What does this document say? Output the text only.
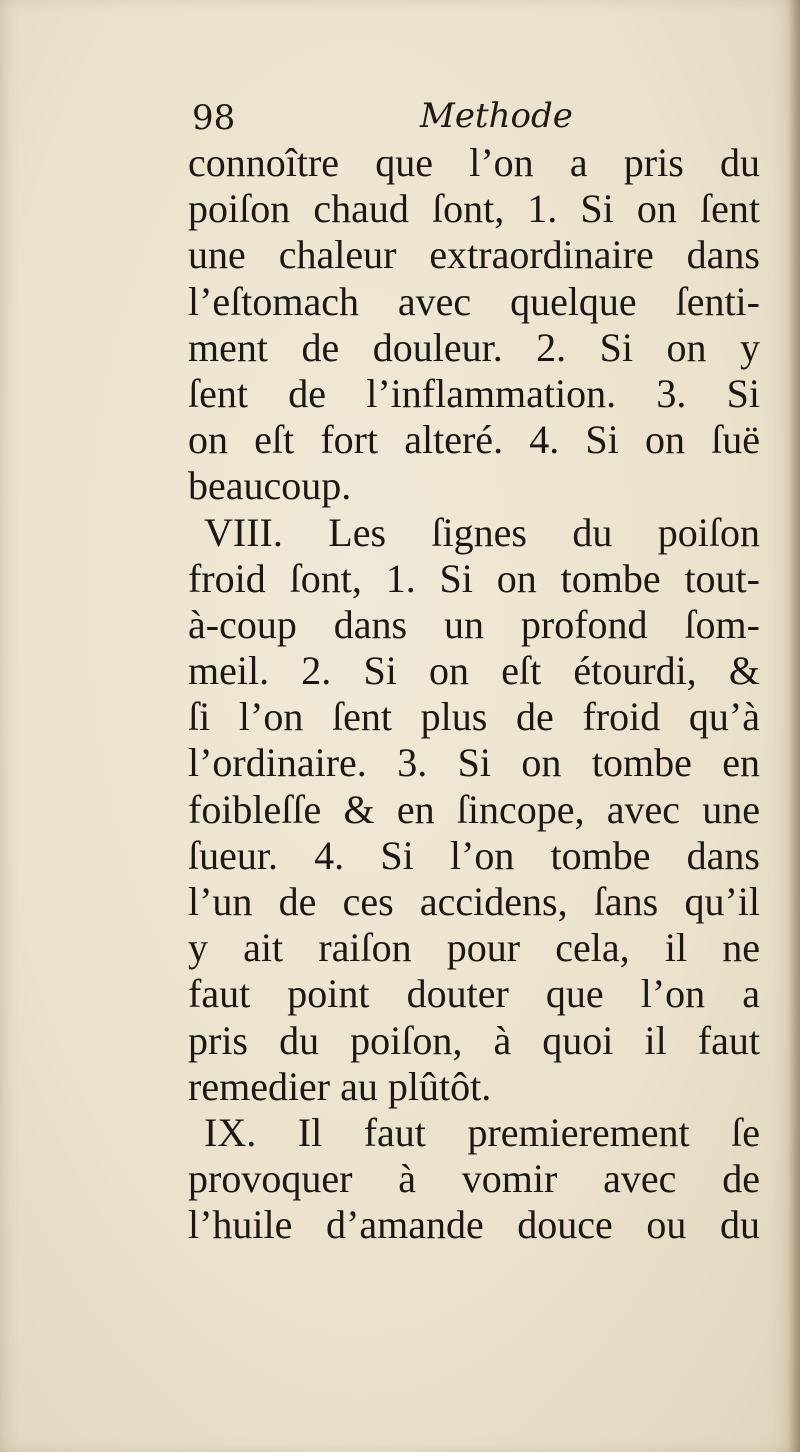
98	Methode
connoître que l’on a pris du
poiſon chaud ſont, 1. Si on ſent
une chaleur extraordinaire dans
l’eſtomach avec quelque ſenti-
ment de douleur. 2. Si on y
ſent de l’inflammation. 3. Si
on eſt fort alteré. 4. Si on ſuë
beaucoup.
VIII. Les ſignes du poiſon
froid ſont, 1. Si on tombe tout-
à-coup dans un profond ſom-
meil. 2. Si on eſt étourdi, &
ſi l’on ſent plus de froid qu’à
l’ordinaire. 3. Si on tombe en
foibleſſe & en ſincope, avec une
ſueur. 4. Si l’on tombe dans
l’un de ces accidens, ſans qu’il
y ait raiſon pour cela, il ne
faut point douter que l’on a
pris du poiſon, à quoi il faut
remedier au plûtôt.
IX. Il faut premierement ſe
provoquer à vomir avec de
l’huile d’amande douce ou du
